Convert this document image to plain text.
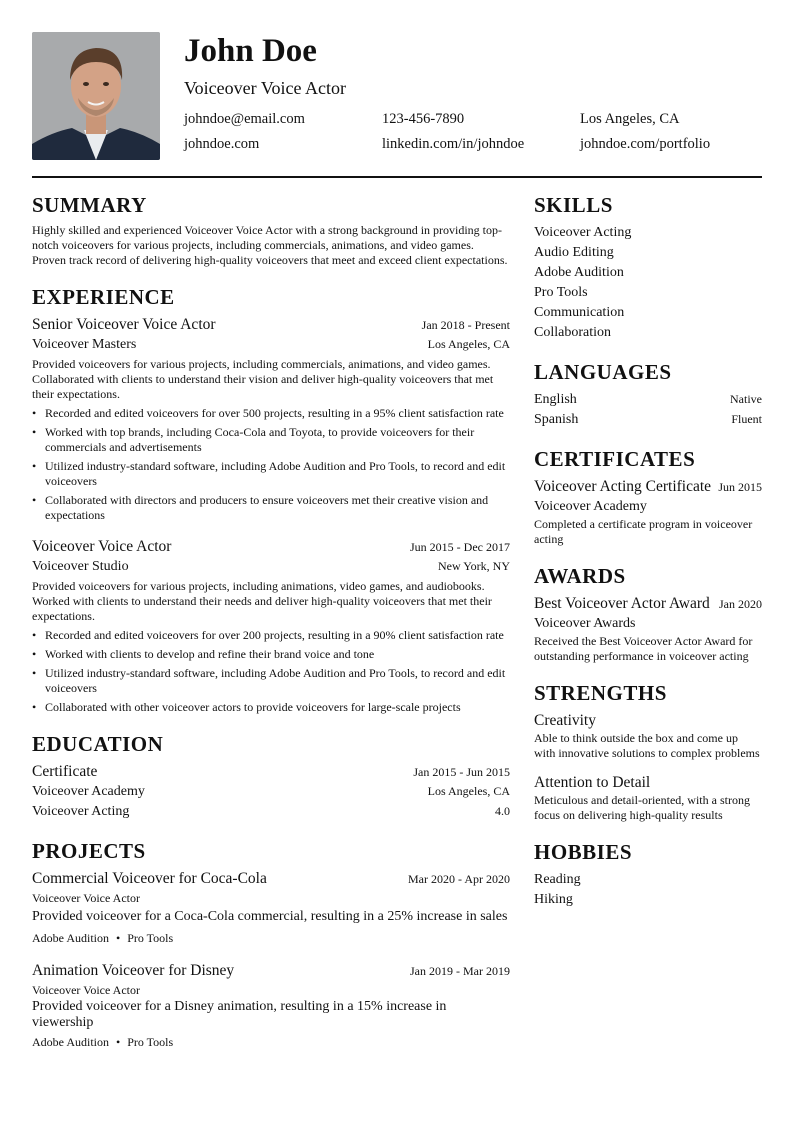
John Doe
Voiceover Voice Actor
johndoe@email.com	123-456-7890	Los Angeles, CA
johndoe.com	linkedin.com/in/johndoe	johndoe.com/portfolio
SUMMARY
Highly skilled and experienced Voiceover Voice Actor with a strong background in providing top-notch voiceovers for various projects, including commercials, animations, and video games. Proven track record of delivering high-quality voiceovers that meet and exceed client expectations.
EXPERIENCE
Senior Voiceover Voice Actor	Jan 2018 - Present
Voiceover Masters	Los Angeles, CA
Provided voiceovers for various projects, including commercials, animations, and video games. Collaborated with clients to understand their vision and deliver high-quality voiceovers that met their expectations.
• Recorded and edited voiceovers for over 500 projects, resulting in a 95% client satisfaction rate
• Worked with top brands, including Coca-Cola and Toyota, to provide voiceovers for their commercials and advertisements
• Utilized industry-standard software, including Adobe Audition and Pro Tools, to record and edit voiceovers
• Collaborated with directors and producers to ensure voiceovers met their creative vision and expectations
Voiceover Voice Actor	Jun 2015 - Dec 2017
Voiceover Studio	New York, NY
Provided voiceovers for various projects, including animations, video games, and audiobooks. Worked with clients to understand their needs and deliver high-quality voiceovers that met their expectations.
• Recorded and edited voiceovers for over 200 projects, resulting in a 90% client satisfaction rate
• Worked with clients to develop and refine their brand voice and tone
• Utilized industry-standard software, including Adobe Audition and Pro Tools, to record and edit voiceovers
• Collaborated with other voiceover actors to provide voiceovers for large-scale projects
EDUCATION
Certificate	Jan 2015 - Jun 2015
Voiceover Academy	Los Angeles, CA
Voiceover Acting	4.0
PROJECTS
Commercial Voiceover for Coca-Cola	Mar 2020 - Apr 2020
Voiceover Voice Actor
Provided voiceover for a Coca-Cola commercial, resulting in a 25% increase in sales
Adobe Audition • Pro Tools
Animation Voiceover for Disney	Jan 2019 - Mar 2019
Voiceover Voice Actor
Provided voiceover for a Disney animation, resulting in a 15% increase in viewership
Adobe Audition • Pro Tools
SKILLS
Voiceover Acting
Audio Editing
Adobe Audition
Pro Tools
Communication
Collaboration
LANGUAGES
English	Native
Spanish	Fluent
CERTIFICATES
Voiceover Acting Certificate Jun 2015
Voiceover Academy
Completed a certificate program in voiceover acting
AWARDS
Best Voiceover Actor Award Jan 2020
Voiceover Awards
Received the Best Voiceover Actor Award for outstanding performance in voiceover acting
STRENGTHS
Creativity
Able to think outside the box and come up with innovative solutions to complex problems
Attention to Detail
Meticulous and detail-oriented, with a strong focus on delivering high-quality results
HOBBIES
Reading
Hiking
